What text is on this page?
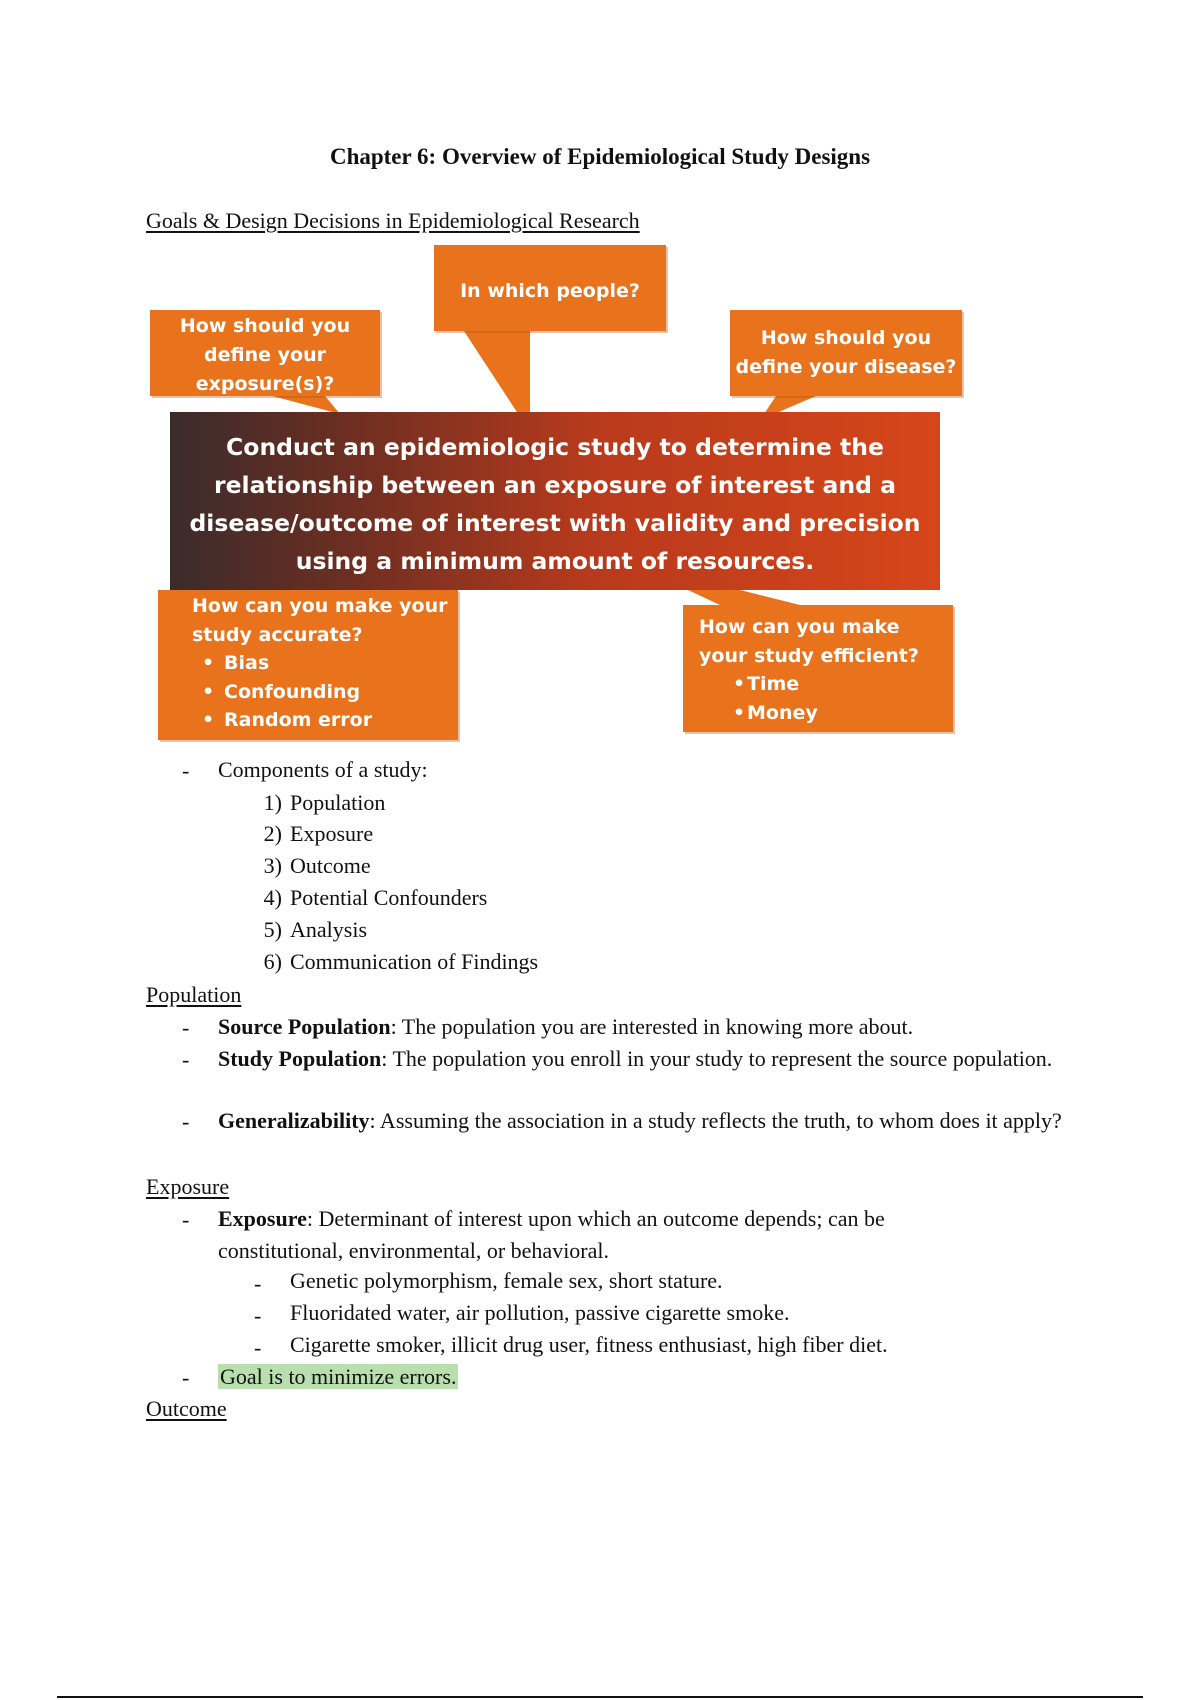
Chapter 6: Overview of Epidemiological Study Designs
Goals & Design Decisions in Epidemiological Research
In which people?
How should you define your exposure(s)?
How should you define your disease?
Conduct an epidemiologic study to determine the relationship between an exposure of interest and a disease/outcome of interest with validity and precision using a minimum amount of resources.
How can you make your study accurate?
• Bias
• Confounding
• Random error
How can you make your study efficient?
• Time
• Money
- Components of a study:
1) Population
2) Exposure
3) Outcome
4) Potential Confounders
5) Analysis
6) Communication of Findings
Population
- Source Population: The population you are interested in knowing more about.
- Study Population: The population you enroll in your study to represent the source population.
- Generalizability: Assuming the association in a study reflects the truth, to whom does it apply?
Exposure
- Exposure: Determinant of interest upon which an outcome depends; can be constitutional, environmental, or behavioral.
- Genetic polymorphism, female sex, short stature.
- Fluoridated water, air pollution, passive cigarette smoke.
- Cigarette smoker, illicit drug user, fitness enthusiast, high fiber diet.
- Goal is to minimize errors.
Outcome
